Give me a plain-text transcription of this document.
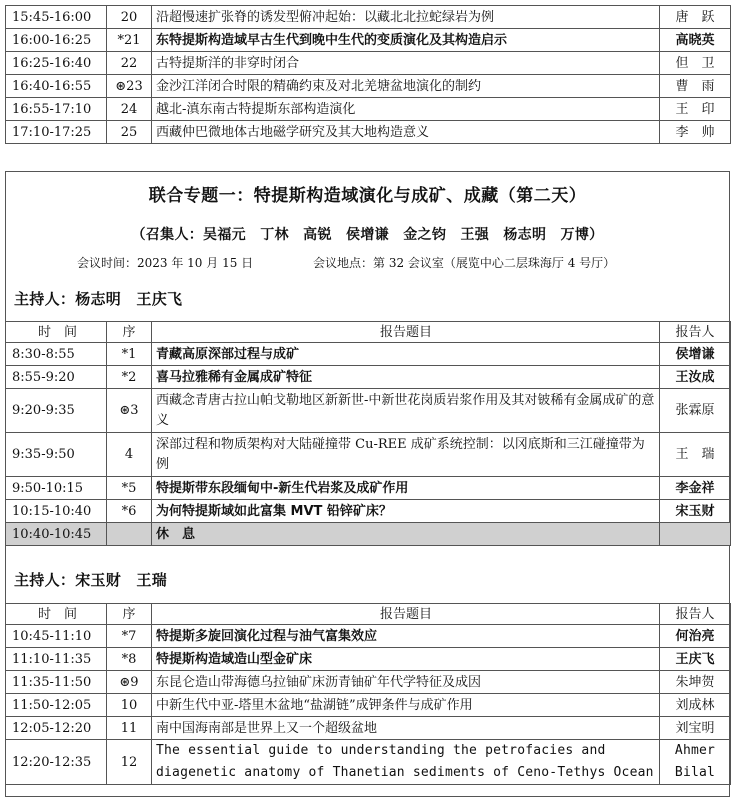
15:45-16:00	20	沿超慢速扩张脊的诱发型俯冲起始：以藏北北拉蛇绿岩为例	唐　跃
16:00-16:25	*21	东特提斯构造域早古生代到晚中生代的变质演化及其构造启示	高晓英
16:25-16:40	22	古特提斯洋的非穿时闭合	但　卫
16:40-16:55	⊛23	金沙江洋闭合时限的精确约束及对北羌塘盆地演化的制约	曹　雨
16:55-17:10	24	越北-滇东南古特提斯东部构造演化	王　印
17:10-17:25	25	西藏仲巴微地体古地磁学研究及其大地构造意义	李　帅
联合专题一：特提斯构造域演化与成矿、成藏（第二天）
（召集人：吴福元　丁林　高锐　侯增谦　金之钧　王强　杨志明　万博）
会议时间：2023 年 10 月 15 日	会议地点：第 32 会议室（展览中心二层珠海厅 4 号厅）
主持人：杨志明　王庆飞
时　间	序	报告题目	报告人
8:30-8:55	*1	青藏高原深部过程与成矿	侯增谦
8:55-9:20	*2	喜马拉雅稀有金属成矿特征	王汝成
9:20-9:35	⊛3	西藏念青唐古拉山帕戈勒地区新新世-中新世花岗质岩浆作用及其对铍稀有金属成矿的意义	张霖原
9:35-9:50	4	深部过程和物质架构对大陆碰撞带 Cu-REE 成矿系统控制：以冈底斯和三江碰撞带为例	王　瑞
9:50-10:15	*5	特提斯带东段缅甸中-新生代岩浆及成矿作用	李金祥
10:15-10:40	*6	为何特提斯域如此富集 MVT 铅锌矿床？	宋玉财
10:40-10:45		休　息	
主持人：宋玉财　王瑞
时　间	序	报告题目	报告人
10:45-11:10	*7	特提斯多旋回演化过程与油气富集效应	何治亮
11:10-11:35	*8	特提斯构造域造山型金矿床	王庆飞
11:35-11:50	⊛9	东昆仑造山带海德乌拉铀矿床沥青铀矿年代学特征及成因	朱坤贺
11:50-12:05	10	中新生代中亚-塔里木盆地“盐湖链”成钾条件与成矿作用	刘成林
12:05-12:20	11	南中国海南部是世界上又一个超级盆地	刘宝明
12:20-12:35	12	The essential guide to understanding the petrofacies and diagenetic anatomy of Thanetian sediments of Ceno-Tethys Ocean	Ahmer Bilal
